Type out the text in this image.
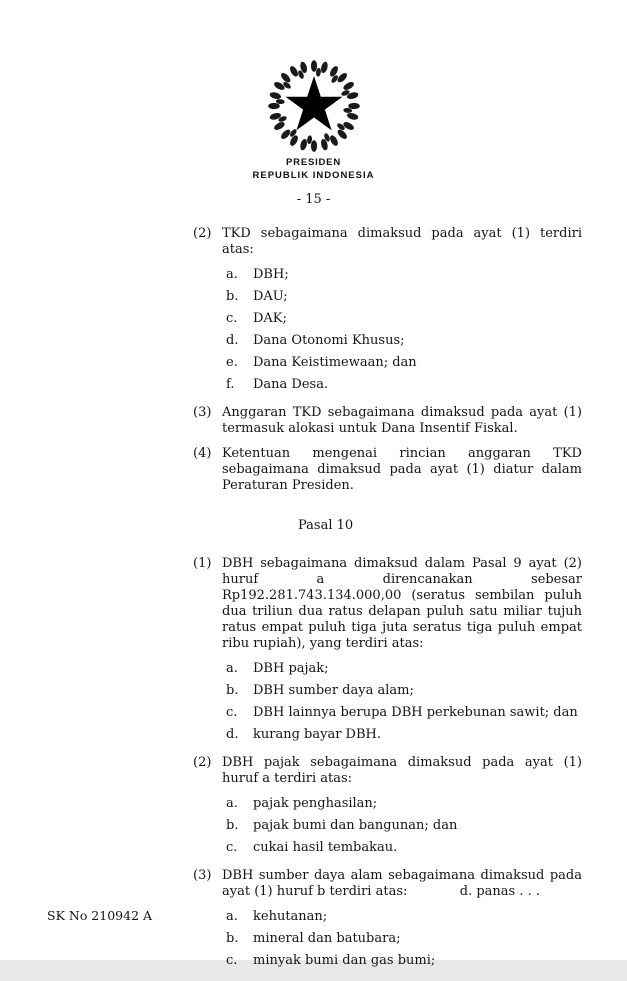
PRESIDEN
REPUBLIK INDONESIA
- 15 -
(2) TKD sebagaimana dimaksud pada ayat (1) terdiri atas:
a.	DBH;
b.	DAU;
c.	DAK;
d.	Dana Otonomi Khusus;
e.	Dana Keistimewaan; dan
f.	Dana Desa.
(3) Anggaran TKD sebagaimana dimaksud pada ayat (1) termasuk alokasi untuk Dana Insentif Fiskal.
(4) Ketentuan mengenai rincian anggaran TKD sebagaimana dimaksud pada ayat (1) diatur dalam Peraturan Presiden.
Pasal 10
(1) DBH sebagaimana dimaksud dalam Pasal 9 ayat (2) huruf a direncanakan sebesar Rp192.281.743.134.000,00 (seratus sembilan puluh dua triliun dua ratus delapan puluh satu miliar tujuh ratus empat puluh tiga juta seratus tiga puluh empat ribu rupiah), yang terdiri atas:
a.	DBH pajak;
b.	DBH sumber daya alam;
c.	DBH lainnya berupa DBH perkebunan sawit; dan
d.	kurang bayar DBH.
(2) DBH pajak sebagaimana dimaksud pada ayat (1) huruf a terdiri atas:
a.	pajak penghasilan;
b.	pajak bumi dan bangunan; dan
c.	cukai hasil tembakau.
(3) DBH sumber daya alam sebagaimana dimaksud pada ayat (1) huruf b terdiri atas:
a.	kehutanan;
b.	mineral dan batubara;
c.	minyak bumi dan gas bumi;
d. panas . . .
SK No 210942 A
